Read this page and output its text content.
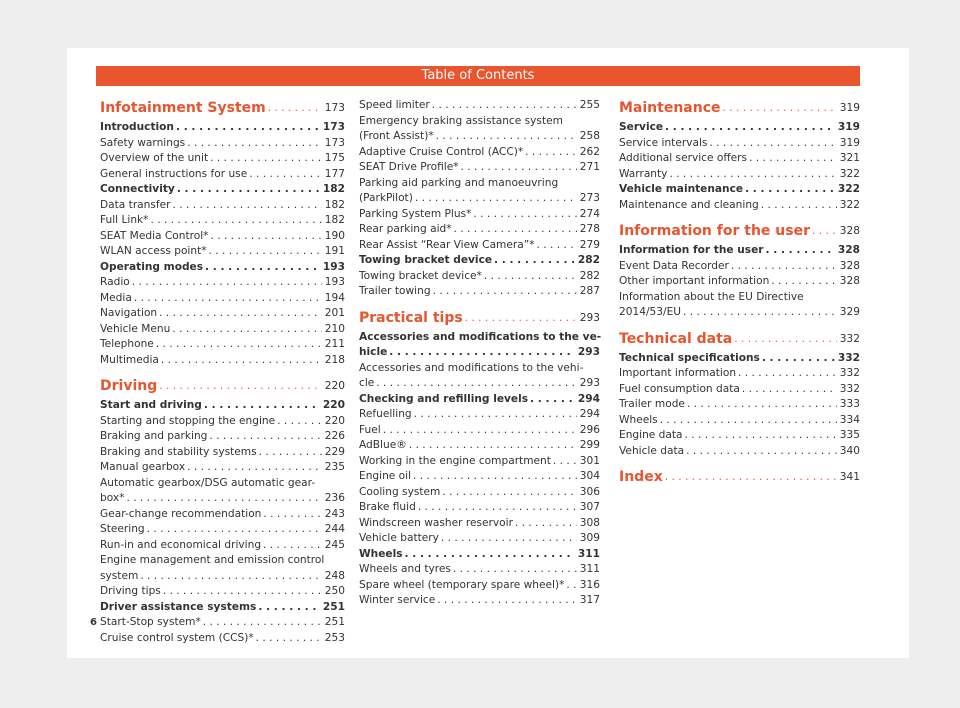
Table of Contents
Infotainment System . . .	173
Introduction . . .	173
Safety warnings . . .	173
Overview of the unit . . .	175
General instructions for use . . .	177
Connectivity . . .	182
Data transfer . . .	182
Full Link* . . .	182
SEAT Media Control* . . .	190
WLAN access point* . . .	191
Operating modes . . .	193
Radio . . .	193
Media . . .	194
Navigation . . .	201
Vehicle Menu . . .	210
Telephone . . .	211
Multimedia . . .	218
Driving . . .	220
Start and driving . . .	220
Starting and stopping the engine . . .	220
Braking and parking . . .	226
Braking and stability systems . . .	229
Manual gearbox . . .	235
Automatic gearbox/DSG automatic gear-
box* . . .	236
Gear-change recommendation . . .	243
Steering . . .	244
Run-in and economical driving . . .	245
Engine management and emission control
system . . .	248
Driving tips . . .	250
Driver assistance systems . . .	251
Start-Stop system* . . .	251
Cruise control system (CCS)* . . .	253
Speed limiter . . .	255
Emergency braking assistance system
(Front Assist)* . . .	258
Adaptive Cruise Control (ACC)* . . .	262
SEAT Drive Profile* . . .	271
Parking aid parking and manoeuvring
(ParkPilot) . . .	273
Parking System Plus* . . .	274
Rear parking aid* . . .	278
Rear Assist “Rear View Camera”* . . .	279
Towing bracket device . . .	282
Towing bracket device* . . .	282
Trailer towing . . .	287
Practical tips . . .	293
Accessories and modifications to the ve-
hicle . . .	293
Accessories and modifications to the vehi-
cle . . .	293
Checking and refilling levels . . .	294
Refuelling . . .	294
Fuel . . .	296
AdBlue® . . .	299
Working in the engine compartment . . .	301
Engine oil . . .	304
Cooling system . . .	306
Brake fluid . . .	307
Windscreen washer reservoir . . .	308
Vehicle battery . . .	309
Wheels . . .	311
Wheels and tyres . . .	311
Spare wheel (temporary spare wheel)* . . . 316
Winter service . . .	317
Maintenance . . .	319
Service . . .	319
Service intervals . . .	319
Additional service offers . . .	321
Warranty . . .	322
Vehicle maintenance . . .	322
Maintenance and cleaning . . .	322
Information for the user . . .	328
Information for the user . . .	328
Event Data Recorder . . .	328
Other important information . . .	328
Information about the EU Directive
2014/53/EU . . .	329
Technical data . . .	332
Technical specifications . . .	332
Important information . . .	332
Fuel consumption data . . .	332
Trailer mode . . .	333
Wheels . . .	334
Engine data . . .	335
Vehicle data . . .	340
Index . . .	341
6
